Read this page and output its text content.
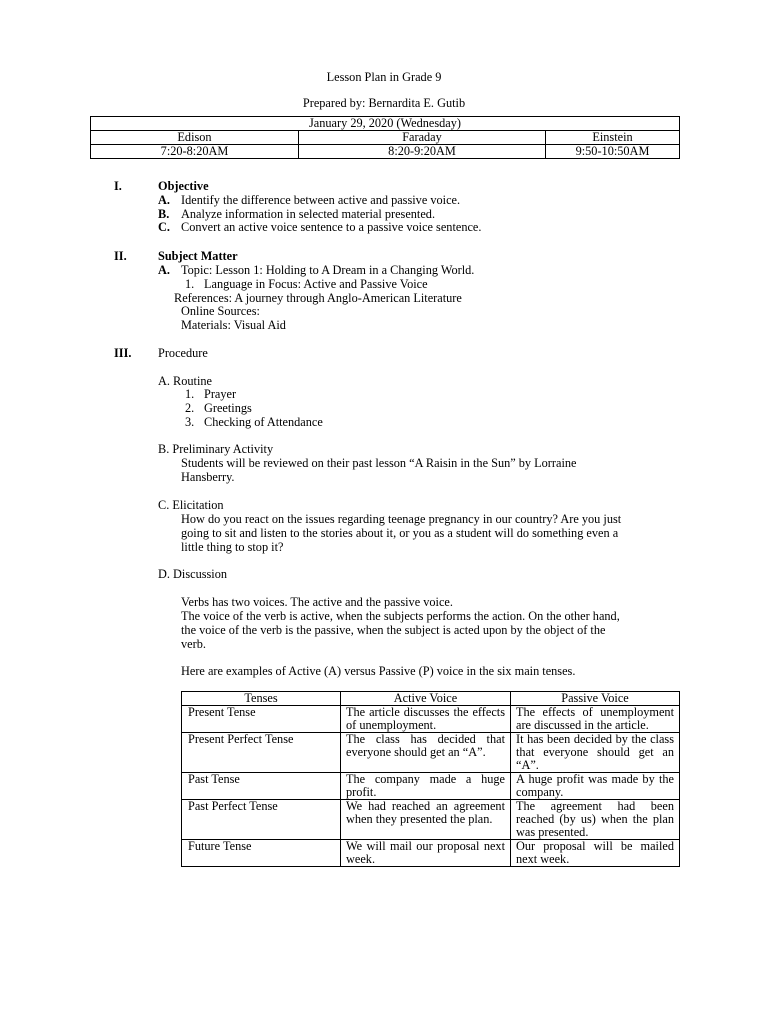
Lesson Plan in Grade 9
Prepared by: Bernardita E. Gutib
January 29, 2020 (Wednesday)		
Edison	Faraday	Einstein
7:20-8:20AM	8:20-9:20AM	9:50-10:50AM
I.	Objective
A. Identify the difference between active and passive voice.
B. Analyze information in selected material presented.
C. Convert an active voice sentence to a passive voice sentence.
II.	Subject Matter
A. Topic: Lesson 1: Holding to A Dream in a Changing World.
1. Language in Focus: Active and Passive Voice
References: A journey through Anglo-American Literature
Online Sources:
Materials: Visual Aid
III. Procedure
A. Routine
1. Prayer
2. Greetings
3. Checking of Attendance
B. Preliminary Activity
Students will be reviewed on their past lesson “A Raisin in the Sun” by Lorraine
Hansberry.
C. Elicitation
How do you react on the issues regarding teenage pregnancy in our country? Are you just
going to sit and listen to the stories about it, or you as a student will do something even a
little thing to stop it?
D. Discussion
Verbs has two voices. The active and the passive voice.
The voice of the verb is active, when the subjects performs the action. On the other hand,
the voice of the verb is the passive, when the subject is acted upon by the object of the
verb.
Here are examples of Active (A) versus Passive (P) voice in the six main tenses.
Tenses	Active Voice	Passive Voice
Present Tense	The article discusses the effects of unemployment.	The effects of unemployment are discussed in the article.
Present Perfect Tense	The class has decided that everyone should get an “A”.	It has been decided by the class that everyone should get an “A”.
Past Tense	The company made a huge profit.	A huge profit was made by the company.
Past Perfect Tense	We had reached an agreement when they presented the plan.	The agreement had been reached (by us) when the plan was presented.
Future Tense	We will mail our proposal next week.	Our proposal will be mailed next week.
